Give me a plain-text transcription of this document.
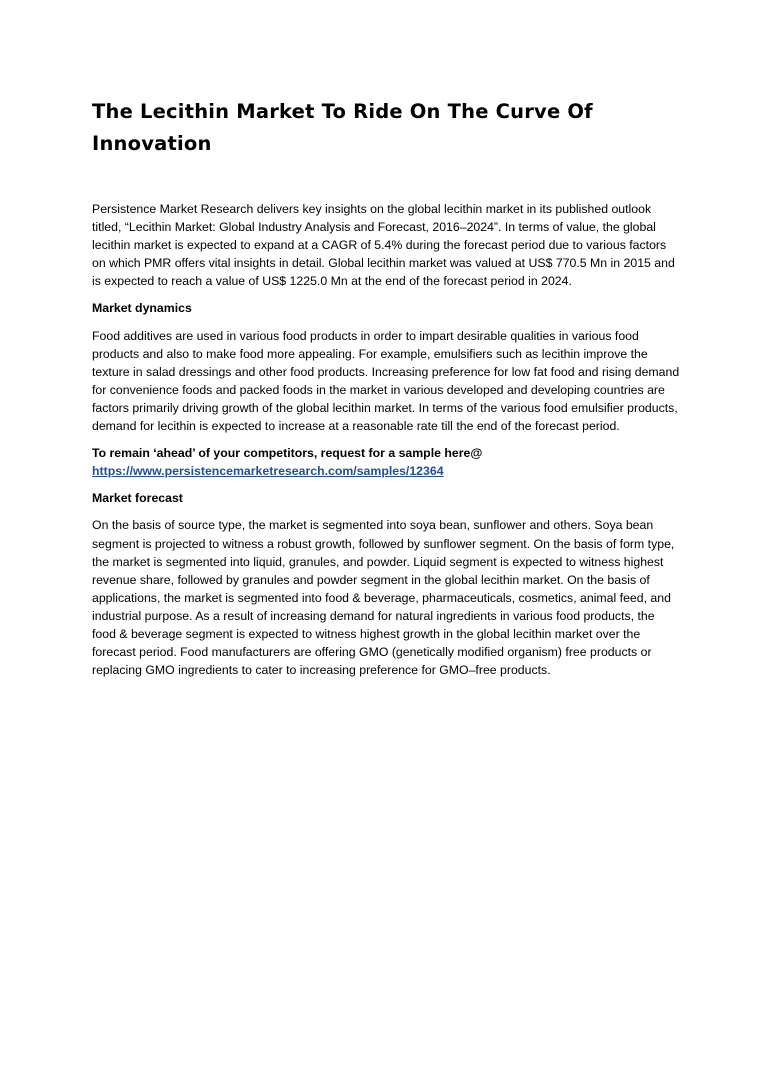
The Lecithin Market To Ride On The Curve Of Innovation

Persistence Market Research delivers key insights on the global lecithin market in its published outlook titled, “Lecithin Market: Global Industry Analysis and Forecast, 2016–2024”. In terms of value, the global lecithin market is expected to expand at a CAGR of 5.4% during the forecast period due to various factors on which PMR offers vital insights in detail. Global lecithin market was valued at US$ 770.5 Mn in 2015 and is expected to reach a value of US$ 1225.0 Mn at the end of the forecast period in 2024.

Market dynamics

Food additives are used in various food products in order to impart desirable qualities in various food products and also to make food more appealing. For example, emulsifiers such as lecithin improve the texture in salad dressings and other food products. Increasing preference for low fat food and rising demand for convenience foods and packed foods in the market in various developed and developing countries are factors primarily driving growth of the global lecithin market. In terms of the various food emulsifier products, demand for lecithin is expected to increase at a reasonable rate till the end of the forecast period.

To remain ‘ahead’ of your competitors, request for a sample here@ https://www.persistencemarketresearch.com/samples/12364

Market forecast

On the basis of source type, the market is segmented into soya bean, sunflower and others. Soya bean segment is projected to witness a robust growth, followed by sunflower segment. On the basis of form type, the market is segmented into liquid, granules, and powder. Liquid segment is expected to witness highest revenue share, followed by granules and powder segment in the global lecithin market. On the basis of applications, the market is segmented into food & beverage, pharmaceuticals, cosmetics, animal feed, and industrial purpose. As a result of increasing demand for natural ingredients in various food products, the food & beverage segment is expected to witness highest growth in the global lecithin market over the forecast period. Food manufacturers are offering GMO (genetically modified organism) free products or replacing GMO ingredients to cater to increasing preference for GMO–free products.
